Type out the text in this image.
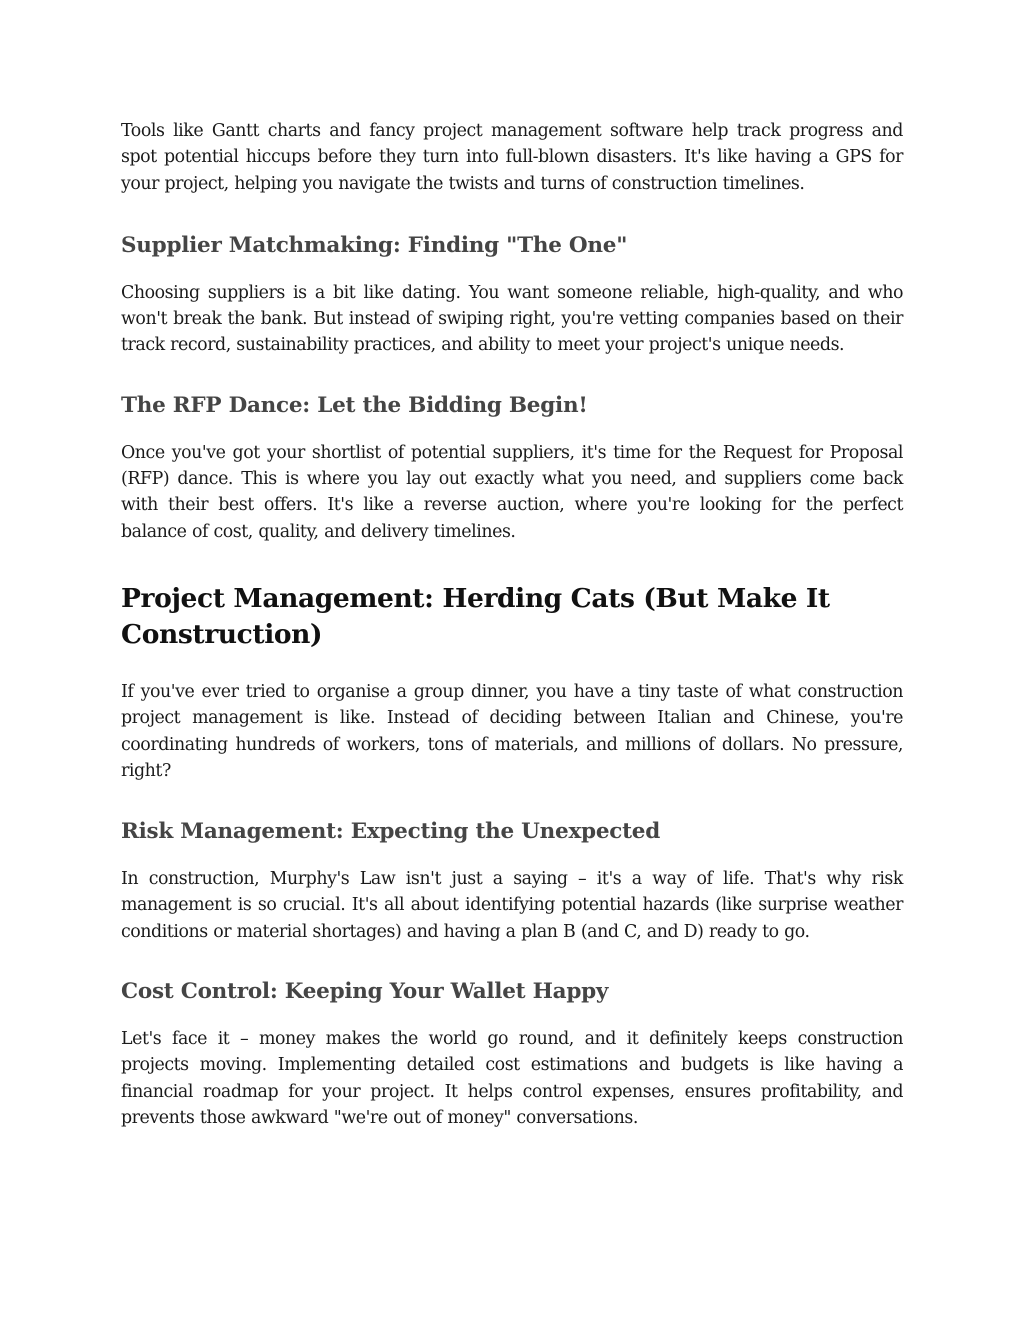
Tools like Gantt charts and fancy project management software help track progress and spot potential hiccups before they turn into full-blown disasters. It's like having a GPS for your project, helping you navigate the twists and turns of construction timelines.

Supplier Matchmaking: Finding "The One"

Choosing suppliers is a bit like dating. You want someone reliable, high-quality, and who won't break the bank. But instead of swiping right, you're vetting companies based on their track record, sustainability practices, and ability to meet your project's unique needs.

The RFP Dance: Let the Bidding Begin!

Once you've got your shortlist of potential suppliers, it's time for the Request for Proposal (RFP) dance. This is where you lay out exactly what you need, and suppliers come back with their best offers. It's like a reverse auction, where you're looking for the perfect balance of cost, quality, and delivery timelines.

Project Management: Herding Cats (But Make It Construction)

If you've ever tried to organise a group dinner, you have a tiny taste of what construction project management is like. Instead of deciding between Italian and Chinese, you're coordinating hundreds of workers, tons of materials, and millions of dollars. No pressure, right?

Risk Management: Expecting the Unexpected

In construction, Murphy's Law isn't just a saying – it's a way of life. That's why risk management is so crucial. It's all about identifying potential hazards (like surprise weather conditions or material shortages) and having a plan B (and C, and D) ready to go.

Cost Control: Keeping Your Wallet Happy

Let's face it – money makes the world go round, and it definitely keeps construction projects moving. Implementing detailed cost estimations and budgets is like having a financial roadmap for your project. It helps control expenses, ensures profitability, and prevents those awkward "we're out of money" conversations.
